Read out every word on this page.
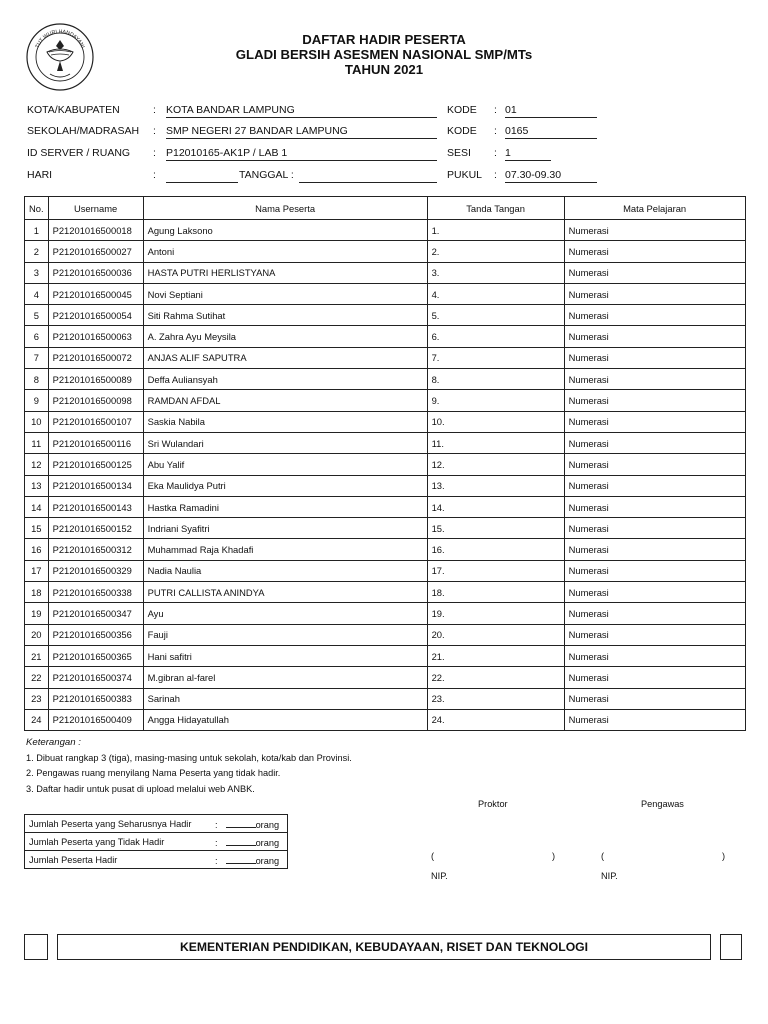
TUT WURI HANDAYANI
DAFTAR HADIR PESERTA
GLADI BERSIH ASESMEN NASIONAL SMP/MTs
TAHUN 2021
KOTA/KABUPATEN	: KOTA BANDAR LAMPUNG	KODE : 01
SEKOLAH/MADRASAH : SMP NEGERI 27 BANDAR LAMPUNG	KODE : 0165
ID SERVER / RUANG : P12010165-AK1P / LAB 1	SESI : 1
HARI	:	TANGGAL :	PUKUL : 07.30-09.30
No.	Username	Nama Peserta	Tanda Tangan	Mata Pelajaran
1	P21201016500018	Agung Laksono	1.	Numerasi
2	P21201016500027	Antoni	2.	Numerasi
3	P21201016500036	HASTA PUTRI HERLISTYANA	3.	Numerasi
4	P21201016500045	Novi Septiani	4.	Numerasi
5	P21201016500054	Siti Rahma Sutihat	5.	Numerasi
6	P21201016500063	A. Zahra Ayu Meysila	6.	Numerasi
7	P21201016500072	ANJAS ALIF SAPUTRA	7.	Numerasi
8	P21201016500089	Deffa Auliansyah	8.	Numerasi
9	P21201016500098	RAMDAN AFDAL	9.	Numerasi
10	P21201016500107	Saskia Nabila	10.	Numerasi
11	P21201016500116	Sri Wulandari	11.	Numerasi
12	P21201016500125	Abu Yalif	12.	Numerasi
13	P21201016500134	Eka Maulidya Putri	13.	Numerasi
14	P21201016500143	Hastka Ramadini	14.	Numerasi
15	P21201016500152	Indriani Syafitri	15.	Numerasi
16	P21201016500312	Muhammad Raja Khadafi	16.	Numerasi
17	P21201016500329	Nadia Naulia	17.	Numerasi
18	P21201016500338	PUTRI CALLISTA ANINDYA	18.	Numerasi
19	P21201016500347	Ayu	19.	Numerasi
20	P21201016500356	Fauji	20.	Numerasi
21	P21201016500365	Hani safitri	21.	Numerasi
22	P21201016500374	M.gibran al-farel	22.	Numerasi
23	P21201016500383	Sarinah	23.	Numerasi
24	P21201016500409	Angga Hidayatullah	24.	Numerasi
Keterangan :
1. Dibuat rangkap 3 (tiga), masing-masing untuk sekolah, kota/kab dan Provinsi.
2. Pengawas ruang menyilang Nama Peserta yang tidak hadir.
3. Daftar hadir untuk pusat di upload melalui web ANBK.
Proktor	Pengawas
(	)	(	)
NIP.	NIP.
Jumlah Peserta yang Seharusnya Hadir	: orang
Jumlah Peserta yang Tidak Hadir	: orang
Jumlah Peserta Hadir	: orang
KEMENTERIAN PENDIDIKAN, KEBUDAYAAN, RISET DAN TEKNOLOGI
